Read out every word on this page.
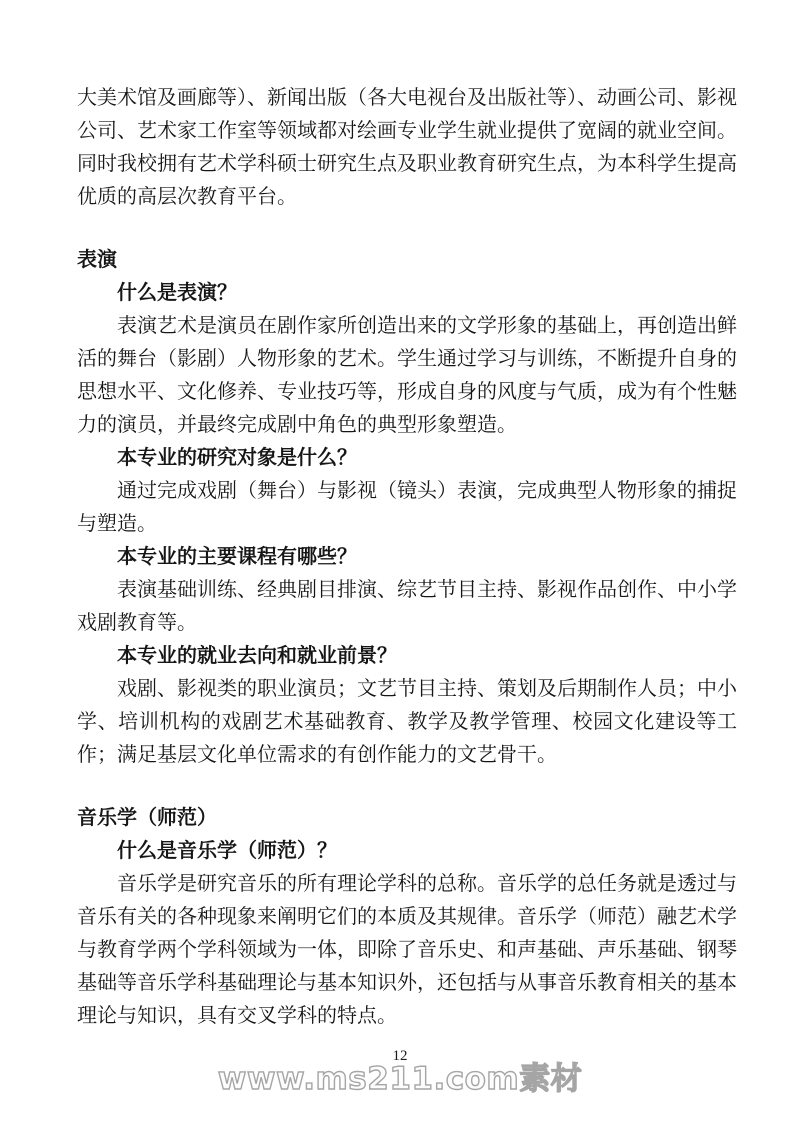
大美术馆及画廊等）、新闻出版（各大电视台及出版社等）、动画公司、影视公司、艺术家工作室等领域都对绘画专业学生就业提供了宽阔的就业空间。同时我校拥有艺术学科硕士研究生点及职业教育研究生点，为本科学生提高优质的高层次教育平台。

表演
什么是表演？

表演艺术是演员在剧作家所创造出来的文学形象的基础上，再创造出鲜活的舞台（影剧）人物形象的艺术。学生通过学习与训练，不断提升自身的思想水平、文化修养、专业技巧等，形成自身的风度与气质，成为有个性魅力的演员，并最终完成剧中角色的典型形象塑造。

本专业的研究对象是什么？

通过完成戏剧（舞台）与影视（镜头）表演，完成典型人物形象的捕捉与塑造。

本专业的主要课程有哪些？

表演基础训练、经典剧目排演、综艺节目主持、影视作品创作、中小学戏剧教育等。

本专业的就业去向和就业前景？

戏剧、影视类的职业演员；文艺节目主持、策划及后期制作人员；中小学、培训机构的戏剧艺术基础教育、教学及教学管理、校园文化建设等工作；满足基层文化单位需求的有创作能力的文艺骨干。

音乐学（师范）
什么是音乐学（师范）？

音乐学是研究音乐的所有理论学科的总称。音乐学的总任务就是透过与音乐有关的各种现象来阐明它们的本质及其规律。音乐学（师范）融艺术学与教育学两个学科领域为一体，即除了音乐史、和声基础、声乐基础、钢琴基础等音乐学科基础理论与基本知识外，还包括与从事音乐教育相关的基本理论与知识，具有交叉学科的特点。

12
www.ms211.com素材
